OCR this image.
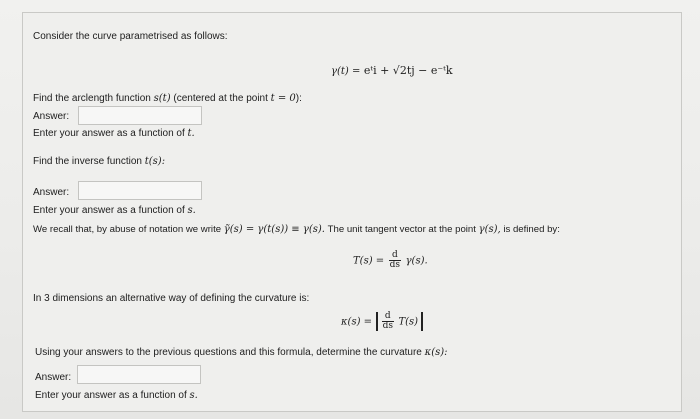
Consider the curve parametrised as follows:
γ(t) = eᵗi + √2tj − e⁻ᵗk
Find the arclength function s(t) (centered at the point t = 0):
Answer:
Enter your answer as a function of t.
Find the inverse function t(s):
Answer:
Enter your answer as a function of s.
We recall that, by abuse of notation we write γ̃(s) = γ(t(s)) ≡ γ(s). The unit tangent vector at the point γ(s), is defined by:
$T(s) = \frac{d}{ds} \gamma(s)$.
In 3 dimensions an alternative way of defining the curvature is:
$\kappa(s) = \frac{d}{ds} T(s)$
Using your answers to the previous questions and this formula, determine the curvature κ(s):
Answer:
Enter your answer as a function of s.
